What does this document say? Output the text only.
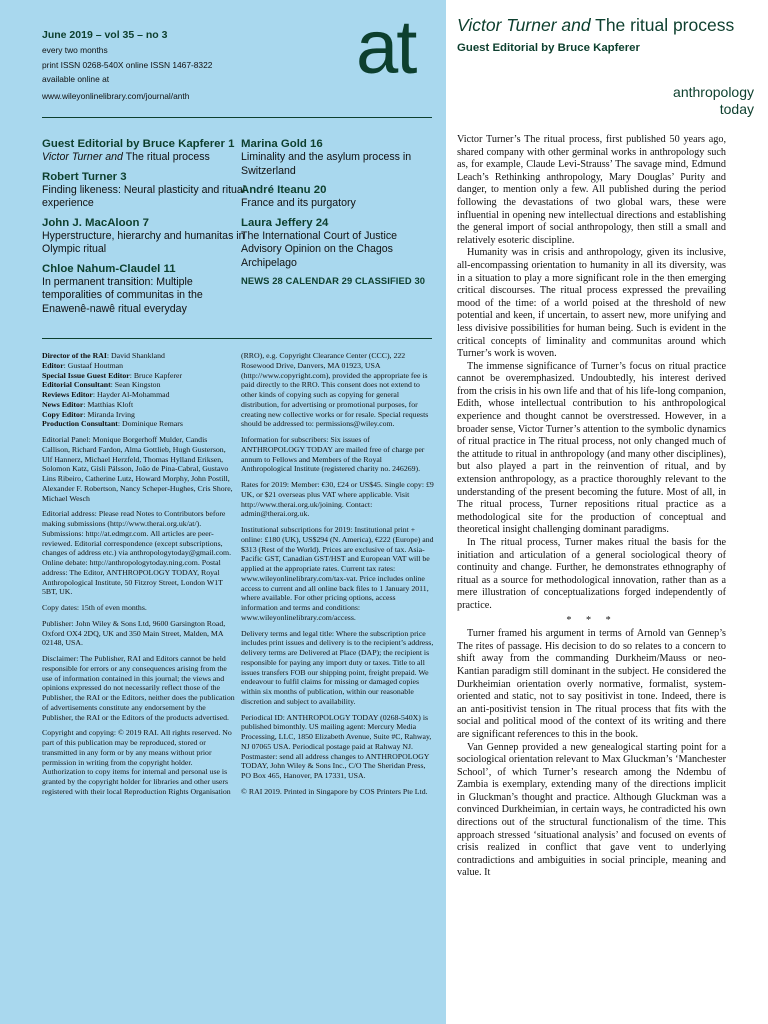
June 2019 – vol 35 – no 3
every two months
print ISSN 0268-540X online ISSN 1467-8322
available online at
www.wileyonlinelibrary.com/journal/anth
at
anthropology
today
Guest Editorial by Bruce Kapferer 1
Victor Turner and The ritual process
Robert Turner 3
Finding likeness: Neural plasticity and ritual experience
John J. MacAloon 7
Hyperstructure, hierarchy and humanitas in Olympic ritual
Chloe Nahum-Claudel 11
In permanent transition: Multiple temporalities of communitas in the Enawenê-nawê ritual everyday
Marina Gold 16
Liminality and the asylum process in Switzerland
André Iteanu 20
France and its purgatory
Laura Jeffery 24
The International Court of Justice Advisory Opinion on the Chagos Archipelago
NEWS 28 CALENDAR 29 CLASSIFIED 30

Director of the RAI: David Shankland
Editor: Gustaaf Houtman
Special Issue Guest Editor: Bruce Kapferer
Editorial Consultant: Sean Kingston
Reviews Editor: Hayder Al-Mohammad
News Editor: Matthias Kloft
Copy Editor: Miranda Irving
Production Consultant: Dominique Remars

Editorial Panel: Monique Borgerhoff Mulder, Candis Callison, Richard Fardon, Alma Gottlieb, Hugh Gusterson, Ulf Hannerz, Michael Herzfeld, Thomas Hylland Eriksen, Solomon Katz, Gísli Pálsson, João de Pina-Cabral, Gustavo Lins Ribeiro, Catherine Lutz, Howard Morphy, John Postill, Alexander F. Robertson, Nancy Scheper-Hughes, Cris Shore, Michael Wesch

Editorial address: Please read Notes to Contributors before making submissions (http://www.therai.org.uk/at/). Submissions: http://at.edmgr.com. All articles are peer-reviewed. Editorial correspondence (except subscriptions, changes of address etc.) via anthropologytoday@gmail.com. Online debate: http://anthropologytoday.ning.com. Postal address: The Editor, ANTHROPOLOGY TODAY, Royal Anthropological Institute, 50 Fitzroy Street, London W1T 5BT, UK.

Copy dates: 15th of even months.

Publisher: John Wiley & Sons Ltd, 9600 Garsington Road, Oxford OX4 2DQ, UK and 350 Main Street, Malden, MA 02148, USA.

Disclaimer: The Publisher, RAI and Editors cannot be held responsible for errors or any consequences arising from the use of information contained in this journal; the views and opinions expressed do not necessarily reflect those of the Publisher, the RAI or the Editors, neither does the publication of advertisements constitute any endorsement by the Publisher, the RAI or the Editors of the products advertised.

Copyright and copying: © 2019 RAI. All rights reserved. No part of this publication may be reproduced, stored or transmitted in any form or by any means without prior permission in writing from the copyright holder. Authorization to copy items for internal and personal use is granted by the copyright holder for libraries and other users registered with their local Reproduction Rights Organisation

(RRO), e.g. Copyright Clearance Center (CCC), 222 Rosewood Drive, Danvers, MA 01923, USA (http://www.copyright.com), provided the appropriate fee is paid directly to the RRO. This consent does not extend to other kinds of copying such as copying for general distribution, for advertising or promotional purposes, for creating new collective works or for resale. Special requests should be addressed to: permissions@wiley.com.

Information for subscribers: Six issues of ANTHROPOLOGY TODAY are mailed free of charge per annum to Fellows and Members of the Royal Anthropological Institute (registered charity no. 246269).

Rates for 2019: Member: €30, £24 or US$45. Single copy: £9 UK, or $21 overseas plus VAT where applicable. Visit http://www.therai.org.uk/joining. Contact: admin@therai.org.uk.

Institutional subscriptions for 2019: Institutional print + online: £180 (UK), US$294 (N. America), €222 (Europe) and $313 (Rest of the World). Prices are exclusive of tax. Asia-Pacific GST, Canadian GST/HST and European VAT will be applied at the appropriate rates. Current tax rates: www.wileyonlinelibrary.com/tax-vat. Price includes online access to current and all online back files to 1 January 2011, where available. For other pricing options, access information and terms and conditions: www.wileyonlinelibrary.com/access.

Delivery terms and legal title: Where the subscription price includes print issues and delivery is to the recipient’s address, delivery terms are Delivered at Place (DAP); the recipient is responsible for paying any import duty or taxes. Title to all issues transfers FOB our shipping point, freight prepaid. We endeavour to fulfil claims for missing or damaged copies within six months of publication, within our reasonable discretion and subject to availability.

Periodical ID: ANTHROPOLOGY TODAY (0268-540X) is published bimonthly. US mailing agent: Mercury Media Processing, LLC, 1850 Elizabeth Avenue, Suite #C, Rahway, NJ 07065 USA. Periodical postage paid at Rahway NJ. Postmaster: send all address changes to ANTHROPOLOGY TODAY, John Wiley & Sons Inc., C/O The Sheridan Press, PO Box 465, Hanover, PA 17331, USA.

© RAI 2019. Printed in Singapore by COS Printers Pte Ltd.

Victor Turner and The ritual process
Guest Editorial by Bruce Kapferer

Victor Turner’s The ritual process, first published 50 years ago, shared company with other germinal works in anthropology such as, for example, Claude Levi-Strauss’ The savage mind, Edmund Leach’s Rethinking anthropology, Mary Douglas’ Purity and danger, to mention only a few. All published during the period following the devastations of two global wars, these were influential in opening new intellectual directions and establishing the general import of social anthropology, then still a small and relatively esoteric discipline.

Humanity was in crisis and anthropology, given its inclusive, all-encompassing orientation to humanity in all its diversity, was in a situation to play a more significant role in the then emerging critical discourses. The ritual process expressed the prevailing mood of the time: of a world poised at the threshold of new potential and keen, if uncertain, to assert new, more unifying and less divisive possibilities for human being. Such is evident in the critical concepts of liminality and communitas around which Turner’s work is woven.

The immense significance of Turner’s focus on ritual practice cannot be overemphasized. Undoubtedly, his interest derived from the crisis in his own life and that of his life-long companion, Edith, whose intellectual contribution to his anthropological experience and thought cannot be overstressed. However, in a broader sense, Victor Turner’s attention to the symbolic dynamics of ritual practice in The ritual process, not only changed much of the attitude to ritual in anthropology (and many other disciplines), but also played a part in the reinvention of ritual, and by extension anthropology, as a practice thoroughly relevant to the understanding of the present becoming the future. Most of all, in The ritual process, Turner repositions ritual practice as a methodological site for the production of conceptual and theoretical insight challenging dominant paradigms.

In The ritual process, Turner makes ritual the basis for the initiation and articulation of a general sociological theory of continuity and change. Further, he demonstrates ethnography of ritual as a source for methodological innovation, rather than as a mere illustration of conceptualizations forged independently of practice.

* * *

Turner framed his argument in terms of Arnold van Gennep’s The rites of passage. His decision to do so relates to a concern to shift away from the commanding Durkheim/Mauss or neo-Kantian paradigm still dominant in the subject. He considered the Durkheimian orientation overly normative, formalist, system-oriented and static, not to say positivist in tone. Indeed, there is an anti-positivist tension in The ritual process that fits with the social and political mood of the context of its writing and there are significant references to this in the book.

Van Gennep provided a new genealogical starting point for a sociological orientation relevant to Max Gluckman’s ‘Manchester School’, of which Turner’s research among the Ndembu of Zambia is exemplary, extending many of the directions implicit in Gluckman’s thought and practice. Although Gluckman was a convinced Durkheimian, in certain ways, he contradicted his own directions out of the structural functionalism of the time. This approach stressed ‘situational analysis’ and focused on events of crisis realized in conflict that gave vent to underlying contradictions and ambiguities in social principle, meaning and value. It
